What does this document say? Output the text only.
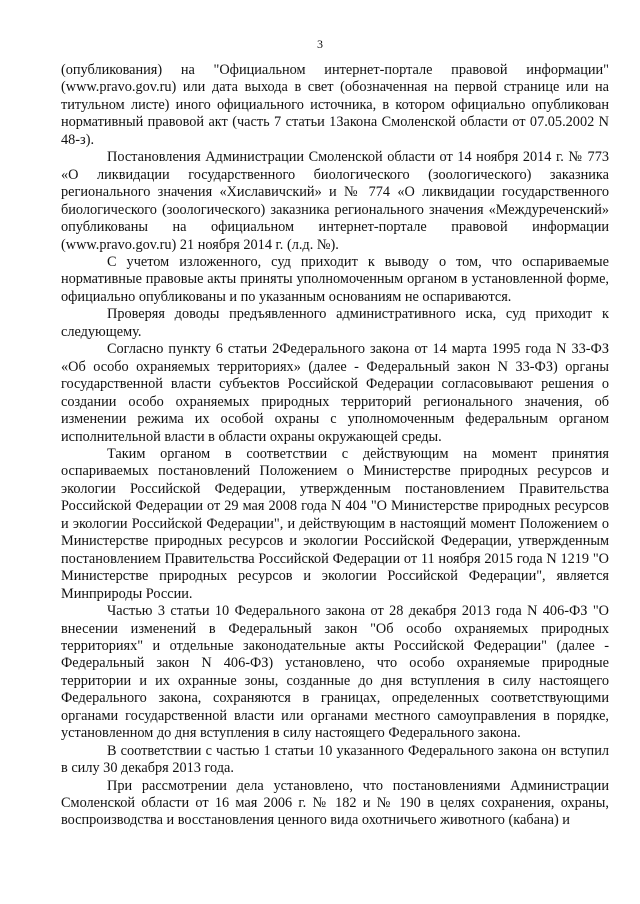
3

(опубликования) на "Официальном интернет-портале правовой информации" (www.pravo.gov.ru) или дата выхода в свет (обозначенная на первой странице или на титульном листе) иного официального источника, в котором официально опубликован нормативный правовой акт (часть 7 статьи 1Закона Смоленской области от 07.05.2002 N 48-з).

Постановления Администрации Смоленской области от 14 ноября 2014 г. № 773 «О ликвидации государственного биологического (зоологического) заказника регионального значения «Хиславичский» и № 774 «О ликвидации государственного биологического (зоологического) заказника регионального значения «Междуреченский» опубликованы на официальном интернет-портале правовой информации (www.pravo.gov.ru) 21 ноября 2014 г. (л.д. №).

С учетом изложенного, суд приходит к выводу о том, что оспариваемые нормативные правовые акты приняты уполномоченным органом в установленной форме, официально опубликованы и по указанным основаниям не оспариваются.

Проверяя доводы предъявленного административного иска, суд приходит к следующему.

Согласно пункту 6 статьи 2Федерального закона от 14 марта 1995 года N 33-ФЗ «Об особо охраняемых территориях» (далее - Федеральный закон N 33-ФЗ) органы государственной власти субъектов Российской Федерации согласовывают решения о создании особо охраняемых природных территорий регионального значения, об изменении режима их особой охраны с уполномоченным федеральным органом исполнительной власти в области охраны окружающей среды.

Таким органом в соответствии с действующим на момент принятия оспариваемых постановлений Положением о Министерстве природных ресурсов и экологии Российской Федерации, утвержденным постановлением Правительства Российской Федерации от 29 мая 2008 года N 404 "О Министерстве природных ресурсов и экологии Российской Федерации", и действующим в настоящий момент Положением о Министерстве природных ресурсов и экологии Российской Федерации, утвержденным постановлением Правительства Российской Федерации от 11 ноября 2015 года N 1219 "О Министерстве природных ресурсов и экологии Российской Федерации", является Минприроды России.

Частью 3 статьи 10 Федерального закона от 28 декабря 2013 года N 406-ФЗ "О внесении изменений в Федеральный закон "Об особо охраняемых природных территориях" и отдельные законодательные акты Российской Федерации" (далее - Федеральный закон N 406-ФЗ) установлено, что особо охраняемые природные территории и их охранные зоны, созданные до дня вступления в силу настоящего Федерального закона, сохраняются в границах, определенных соответствующими органами государственной власти или органами местного самоуправления в порядке, установленном до дня вступления в силу настоящего Федерального закона.

В соответствии с частью 1 статьи 10 указанного Федерального закона он вступил в силу 30 декабря 2013 года.

При рассмотрении дела установлено, что постановлениями Администрации Смоленской области от 16 мая 2006 г. № 182 и № 190 в целях сохранения, охраны, воспроизводства и восстановления ценного вида охотничьего животного (кабана) и
